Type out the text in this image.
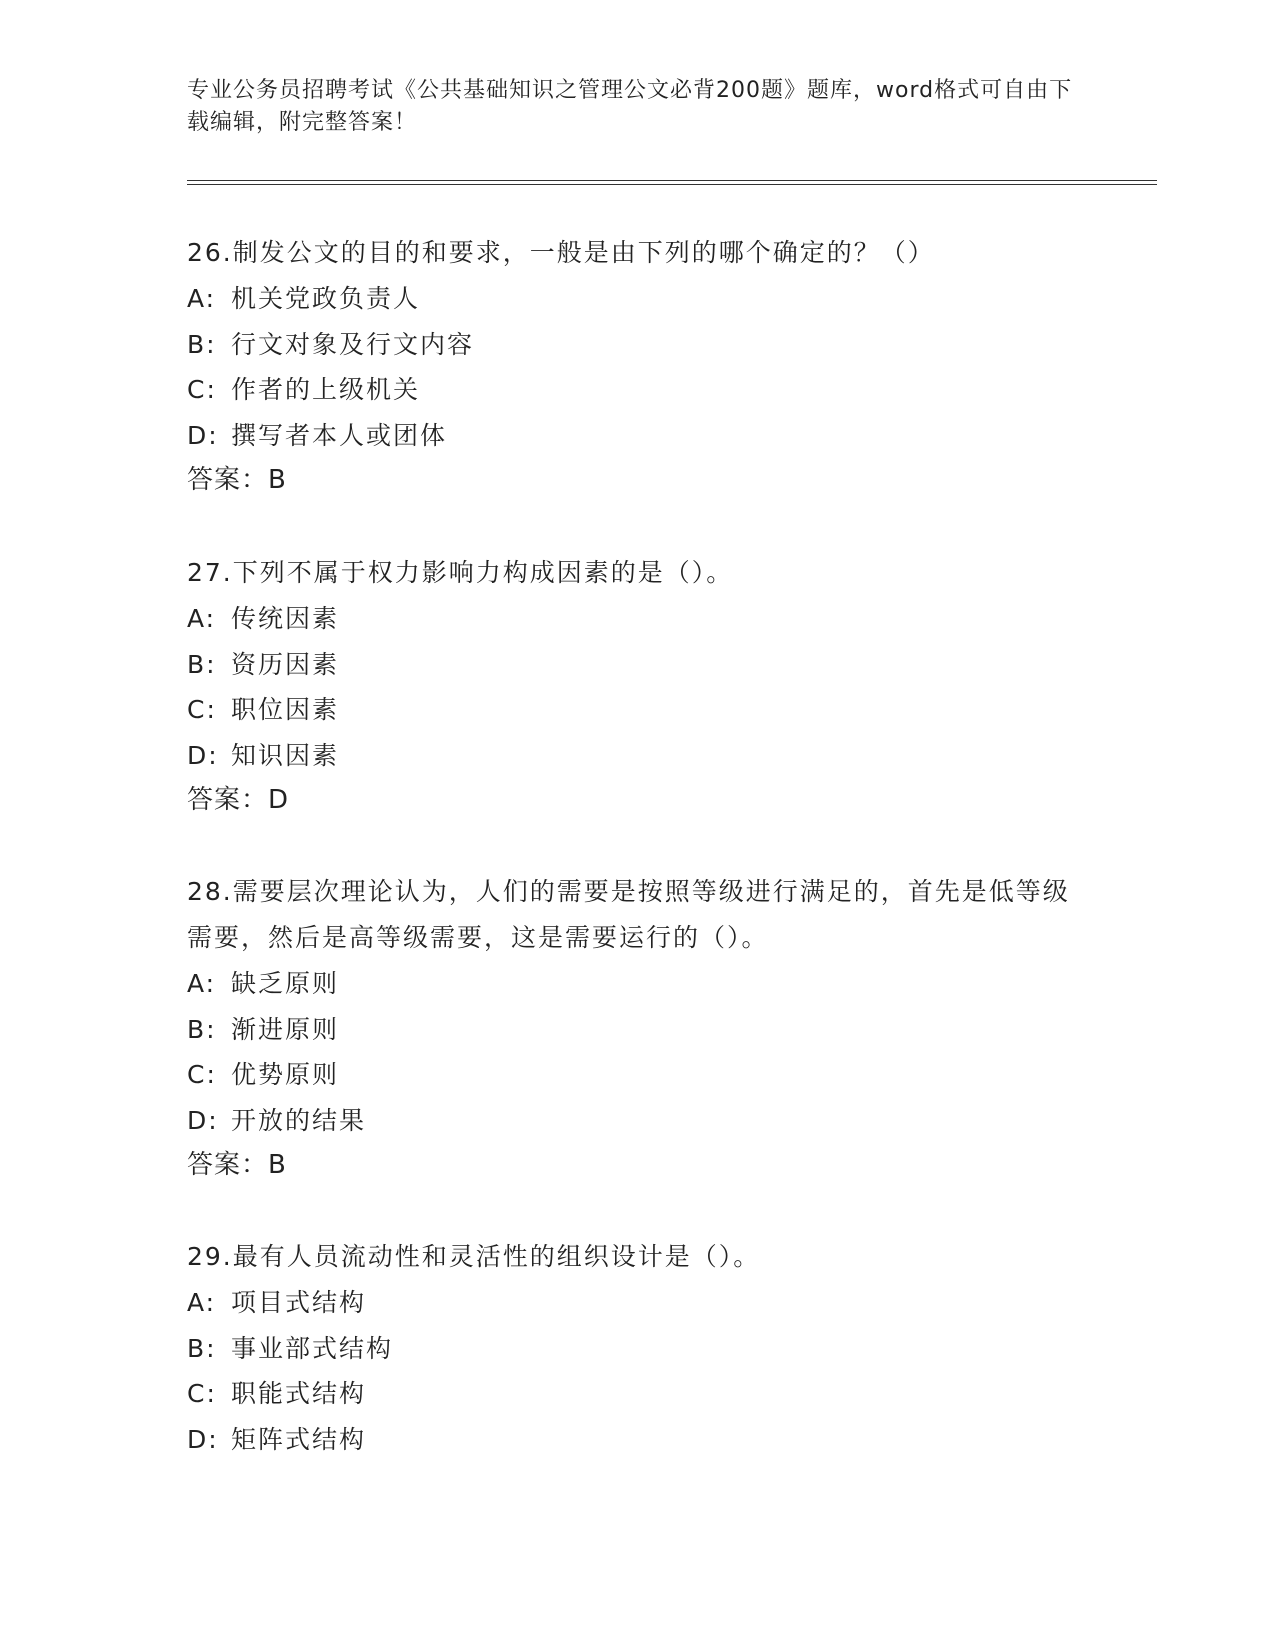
专业公务员招聘考试《公共基础知识之管理公文必背200题》题库，word格式可自由下载编辑，附完整答案！
26.制发公文的目的和要求，一般是由下列的哪个确定的？（）
A: 机关党政负责人
B: 行文对象及行文内容
C: 作者的上级机关
D: 撰写者本人或团体
答案：B
27.下列不属于权力影响力构成因素的是（）。
A: 传统因素
B: 资历因素
C: 职位因素
D: 知识因素
答案：D
28.需要层次理论认为，人们的需要是按照等级进行满足的，首先是低等级需要，然后是高等级需要，这是需要运行的（）。
A: 缺乏原则
B: 渐进原则
C: 优势原则
D: 开放的结果
答案：B
29.最有人员流动性和灵活性的组织设计是（）。
A: 项目式结构
B: 事业部式结构
C: 职能式结构
D: 矩阵式结构
